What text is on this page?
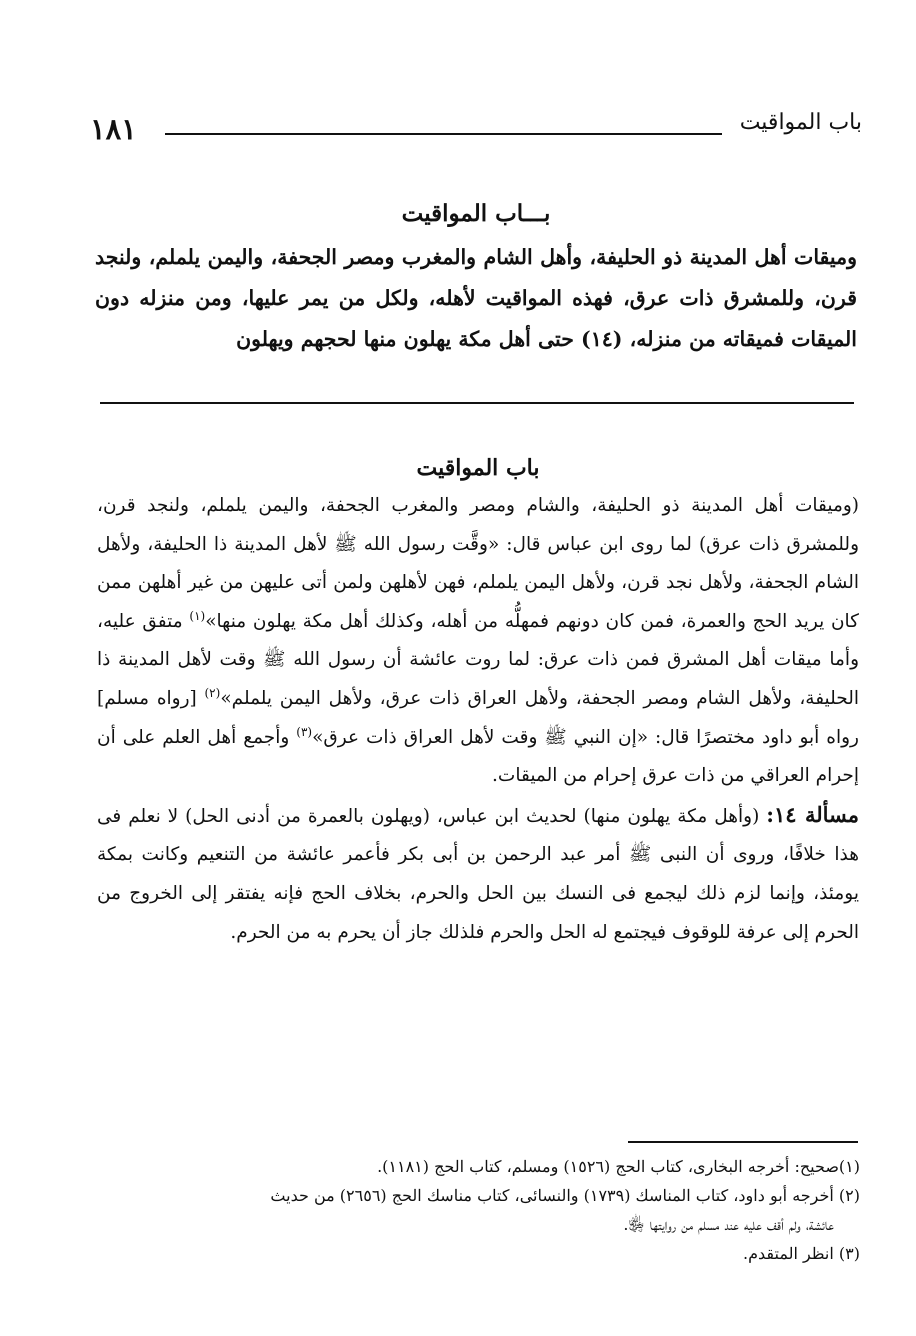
١٨١	باب المواقيت
بـــاب المواقيت

وميقات أهل المدينة ذو الحليفة، وأهل الشام والمغرب ومصر الجحفة، واليمن يلملم، ولنجد قرن، وللمشرق ذات عرق، فهذه المواقيت لأهله، ولكل من يمر عليها، ومن منزله دون الميقات فميقاته من منزله، (١٤) حتى أهل مكة يهلون منها لحجهم ويهلون

باب المواقيت

(وميقات أهل المدينة ذو الحليفة، والشام ومصر والمغرب الجحفة، واليمن يلملم، ولنجد قرن، وللمشرق ذات عرق) لما روى ابن عباس قال: «وقَّت رسول الله ﷺ لأهل المدينة ذا الحليفة، ولأهل الشام الجحفة، ولأهل نجد قرن، ولأهل اليمن يلملم، فهن لأهلهن ولمن أتى عليهن من غير أهلهن ممن كان يريد الحج والعمرة، فمن كان دونهم فمهلُّه من أهله، وكذلك أهل مكة يهلون منها»$^{(١)}$ متفق عليه، وأما ميقات أهل المشرق فمن ذات عرق: لما روت عائشة أن رسول الله ﷺ وقت لأهل المدينة ذا الحليفة، ولأهل الشام ومصر الجحفة، ولأهل العراق ذات عرق، ولأهل اليمن يلملم»$^{(٢)}$ [رواه مسلم] رواه أبو داود مختصرًا قال: «إن النبي ﷺ وقت لأهل العراق ذات عرق»$^{(٣)}$ وأجمع أهل العلم على أن إحرام العراقي من ذات عرق إحرام من الميقات.

مسألة ١٤: (وأهل مكة يهلون منها) لحديث ابن عباس، (ويهلون بالعمرة من أدنى الحل) لا نعلم فى هذا خلافًا، وروى أن النبى ﷺ أمر عبد الرحمن بن أبى بكر فأعمر عائشة من التنعيم وكانت بمكة يومئذ، وإنما لزم ذلك ليجمع فى النسك بين الحل والحرم، بخلاف الحج فإنه يفتقر إلى الخروج من الحرم إلى عرفة للوقوف فيجتمع له الحل والحرم فلذلك جاز أن يحرم به من الحرم.

(١)صحيح: أخرجه البخارى، كتاب الحج (١٥٢٦) ومسلم، كتاب الحج (١١٨١).

(٢) أخرجه أبو داود، كتاب المناسك (١٧٣٩) والنسائى، كتاب مناسك الحج (٢٦٥٦) من حديث
عائشة، ولم أقف عليه عند مسلم من روايتها ﵂.

(٣) انظر المتقدم.
